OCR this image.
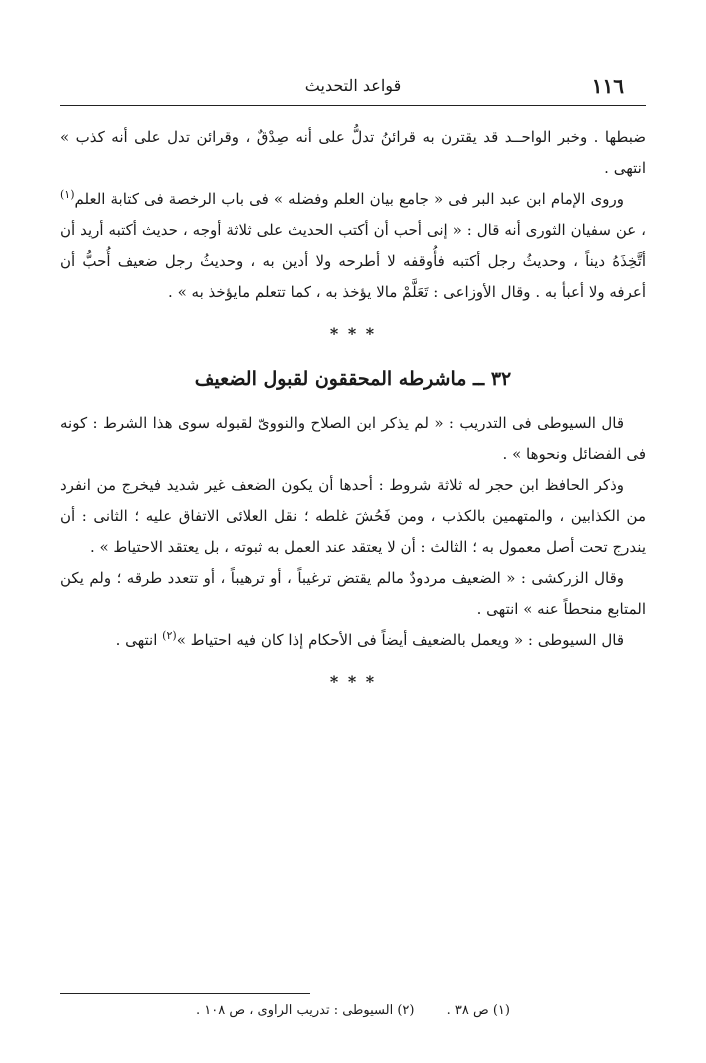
١١٦
قواعد التحديث

ضبطها . وخبر الواحــد قد يقترن به قرائنُ تدلُّ على أنه صِدْقٌ ، وقرائن تدل على أنه كذب » انتهى .

وروى الإمام ابن عبد البر فى « جامع بيان العلم وفضله » فى باب الرخصة فى كتابة العلم$^{(١)}$ ، عن سفيان الثورى أنه قال : « إنى أحب أن أكتب الحديث على ثلاثة أوجه ، حديث أكتبه أريد أن أتَّخِذَهُ ديناً ، وحديثُ رجل أكتبه فأُوقفه لا أطرحه ولا أدين به ، وحديثُ رجل ضعيف أُحبُّ أن أعرفه ولا أعبأ به . وقال الأوزاعى : تَعَلَّمْ مالا يؤخذ به ، كما تتعلم مايؤخذ به » .

* * *
٣٢ ــ ماشرطه المحققون لقبول الضعيف

قال السيوطى فى التدريب : « لم يذكر ابن الصلاح والنووىّ لقبوله سوى هذا الشرط : كونه فى الفضائل ونحوها » .

وذكر الحافظ ابن حجر له ثلاثة شروط : أحدها أن يكون الضعف غير شديد فيخرج من انفرد من الكذابين ، والمتهمين بالكذب ، ومن فَحُشَ غلطه ؛ نقل العلائى الاتفاق عليه ؛ الثانى : أن يندرج تحت أصل معمول به ؛ الثالث : أن لا يعتقد عند العمل به ثبوته ، بل يعتقد الاحتياط » .

وقال الزركشى : « الضعيف مردودٌ مالم يقتض ترغيباً ، أو ترهيباً ، أو تتعدد طرقه ؛ ولم يكن المتابع منحطاً عنه » انتهى .

قال السيوطى : « ويعمل بالضعيف أيضاً فى الأحكام إذا كان فيه احتياط »$^{(٢)}$ انتهى .

* * *
(١) ص ٣٨ . (٢) السيوطى : تدريب الراوى ، ص ١٠٨ .
